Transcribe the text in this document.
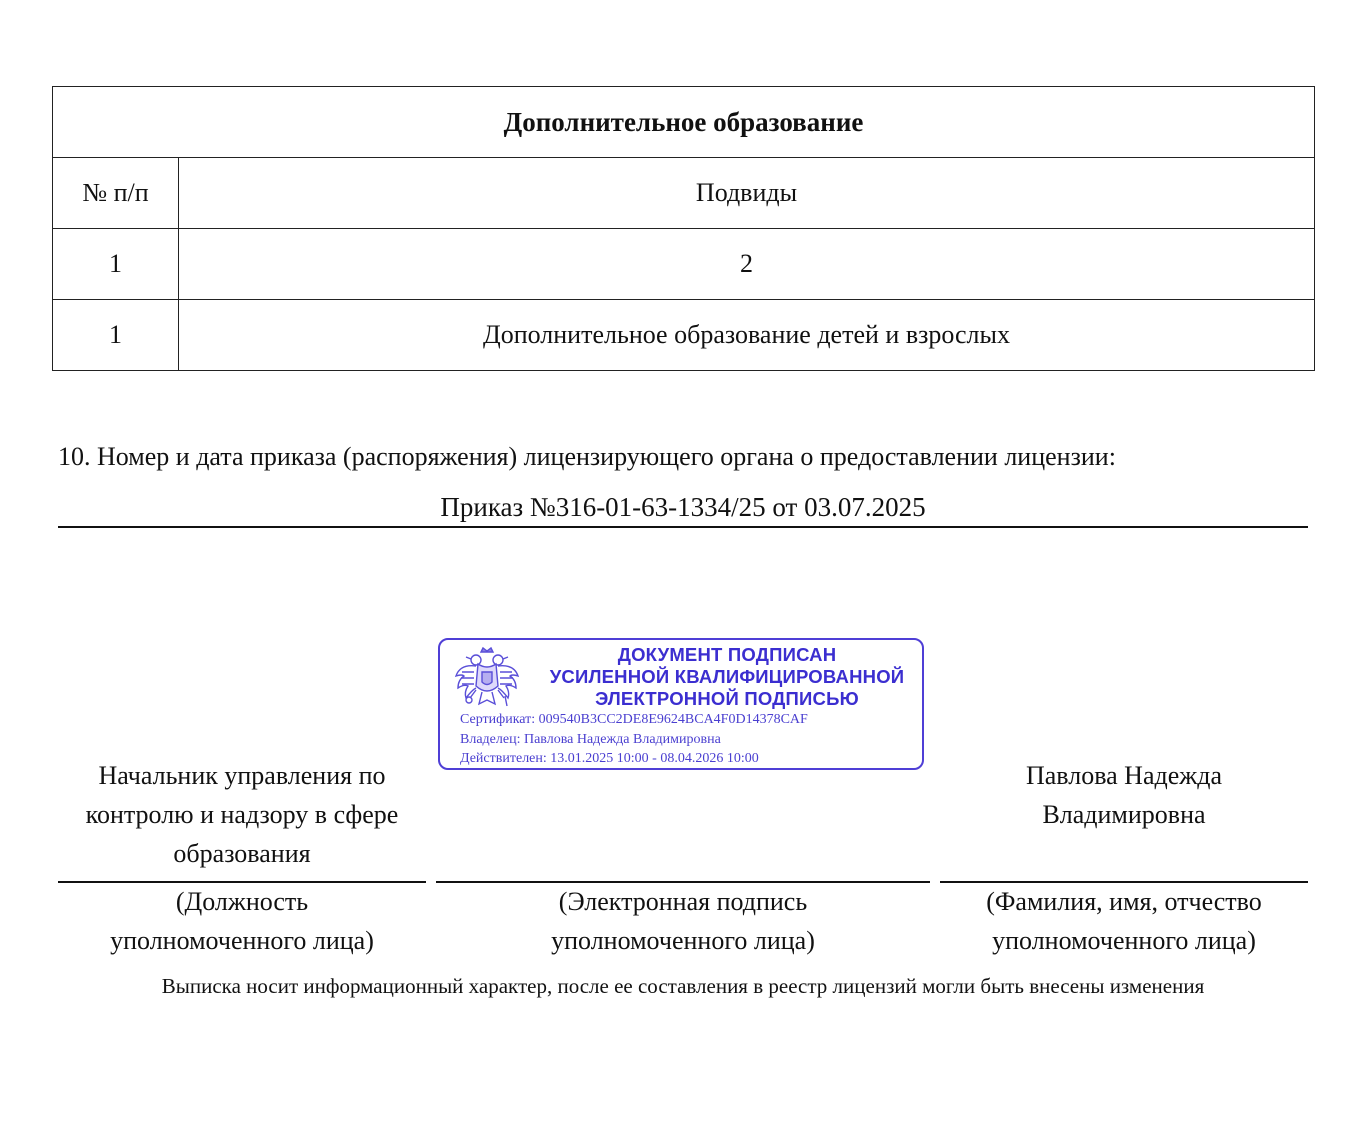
Дополнительное образование	
№ п/п	Подвиды
1	2
1	Дополнительное образование детей и взрослых
10. Номер и дата приказа (распоряжения) лицензирующего органа о предоставлении лицензии:
Приказ №316-01-63-1334/25 от 03.07.2025
ДОКУМЕНТ ПОДПИСАН
УСИЛЕННОЙ КВАЛИФИЦИРОВАННОЙ
ЭЛЕКТРОННОЙ ПОДПИСЬЮ
Сертификат: 009540B3CC2DE8E9624BCA4F0D14378CAF
Владелец: Павлова Надежда Владимировна
Действителен: 13.01.2025 10:00 - 08.04.2026 10:00
Начальник управления по
контролю и надзору в сфере
образования
Павлова Надежда
Владимировна
(Должность
уполномоченного лица)
(Электронная подпись
уполномоченного лица)
(Фамилия, имя, отчество
уполномоченного лица)
Выписка носит информационный характер, после ее составления в реестр лицензий могли быть внесены изменения
